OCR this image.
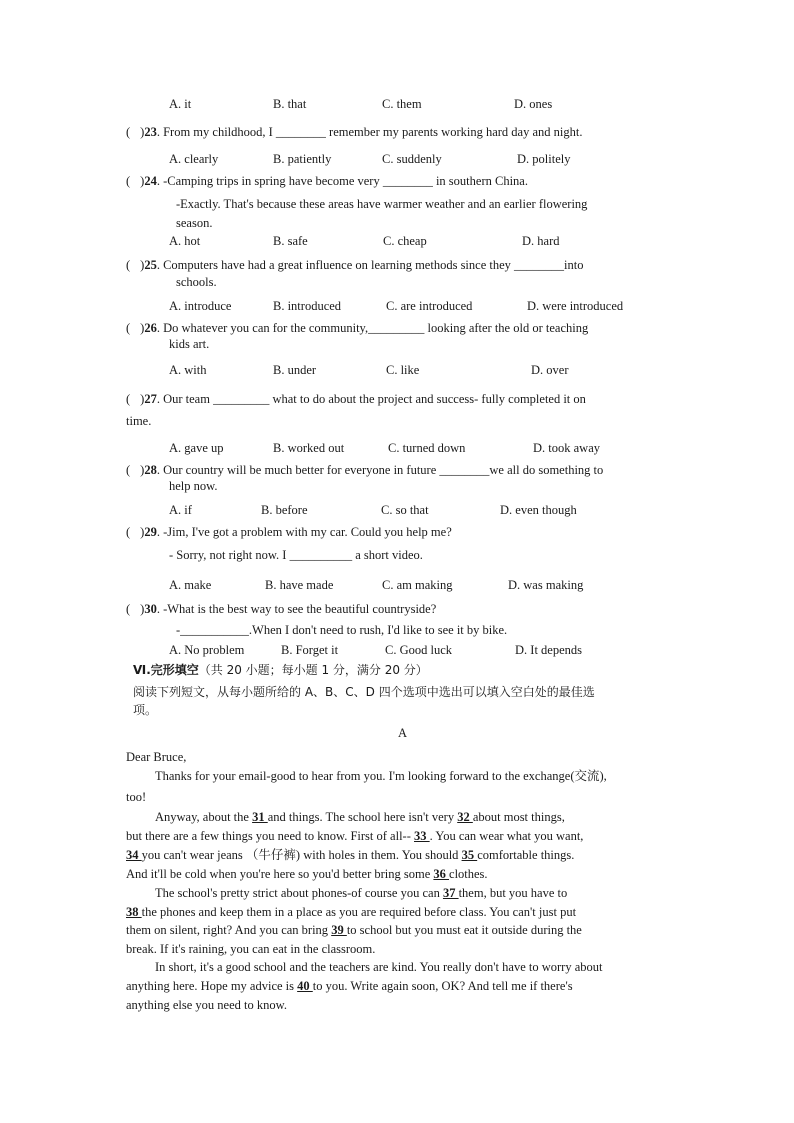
A. it	B. that	C. them	D. ones
( )23. From my childhood, I ________ remember my parents working hard day and night.
A. clearly	B. patiently	C. suddenly	D. politely
( )24. -Camping trips in spring have become very ________ in southern China.
-Exactly. That's because these areas have warmer weather and an earlier flowering
season.
A. hot	B. safe	C. cheap	D. hard
( )25. Computers have had a great influence on learning methods since they ________into
schools.
A. introduce	B. introduced	C. are introduced	D. were introduced
( )26. Do whatever you can for the community,_________ looking after the old or teaching
kids art.
A. with	B. under	C. like	D. over
( )27. Our team _________ what to do about the project and success- fully completed it on
time.
A. gave up	B. worked out	C. turned down	D. took away
( )28. Our country will be much better for everyone in future ________we all do something to
help now.
A. if	B. before	C. so that	D. even though
( )29. -Jim, I've got a problem with my car. Could you help me?
- Sorry, not right now. I __________ a short video.
A. make	B. have made	C. am making	D. was making
( )30. -What is the best way to see the beautiful countryside?
-___________.When I don't need to rush, I'd like to see it by bike.
A. No problem	B. Forget it	C. Good luck	D. It depends
Ⅵ.完形填空（共 20 小题；每小题 1 分，满分 20 分）
阅读下列短文，从每小题所给的 A、B、C、D 四个选项中选出可以填入空白处的最佳选
项。
A
Dear Bruce,
Thanks for your email-good to hear from you. I'm looking forward to the exchange(交流),
too!
Anyway, about the 31 and things. The school here isn't very 32 about most things,
but there are a few things you need to know. First of all-- 33 . You can wear what you want,
34 you can't wear jeans （牛仔裤) with holes in them. You should 35 comfortable things.
And it'll be cold when you're here so you'd better bring some 36 clothes.
The school's pretty strict about phones-of course you can 37 them, but you have to
38 the phones and keep them in a place as you are required before class. You can't just put
them on silent, right? And you can bring 39 to school but you must eat it outside during the
break. If it's raining, you can eat in the classroom.
In short, it's a good school and the teachers are kind. You really don't have to worry about
anything here. Hope my advice is 40 to you. Write again soon, OK? And tell me if there's
anything else you need to know.
